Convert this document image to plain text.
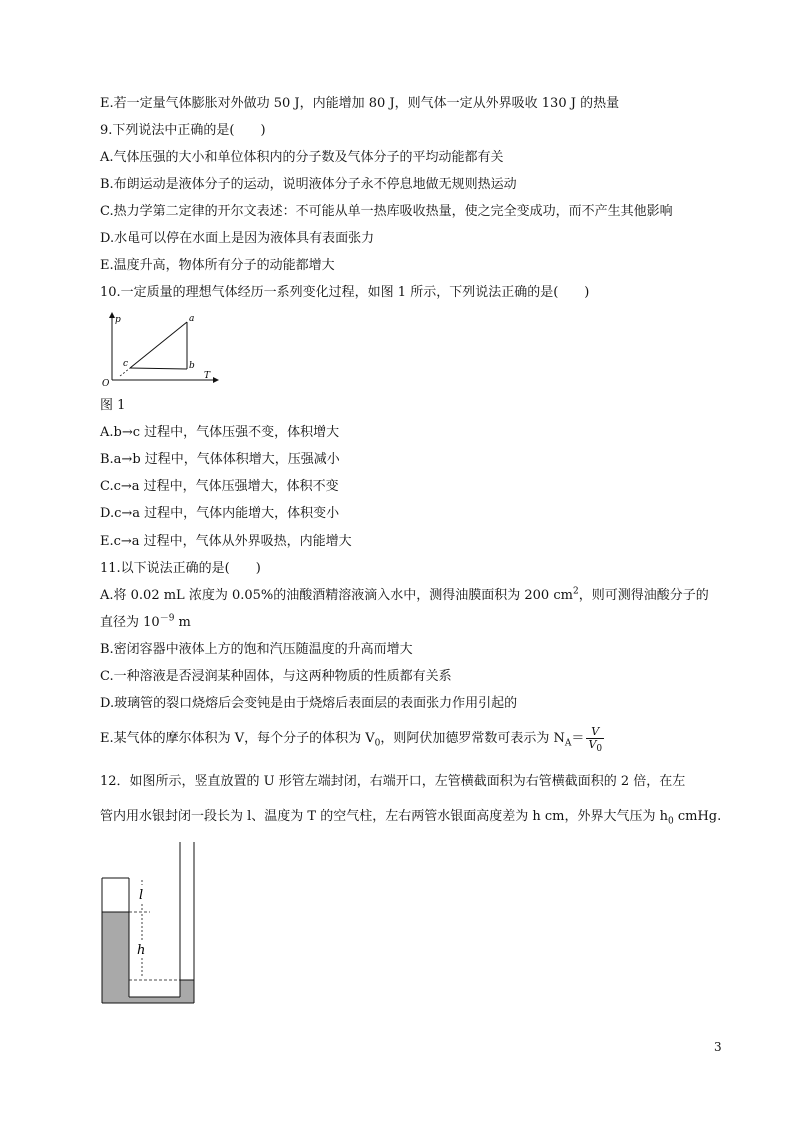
E.若一定量气体膨胀对外做功 50 J，内能增加 80 J，则气体一定从外界吸收 130 J 的热量
9.下列说法中正确的是(　　)
A.气体压强的大小和单位体积内的分子数及气体分子的平均动能都有关
B.布朗运动是液体分子的运动，说明液体分子永不停息地做无规则热运动
C.热力学第二定律的开尔文表述：不可能从单一热库吸收热量，使之完全变成功，而不产生其他影响
D.水黾可以停在水面上是因为液体具有表面张力
E.温度升高，物体所有分子的动能都增大
10.一定质量的理想气体经历一系列变化过程，如图 1 所示，下列说法正确的是(　　)
p
T
O
a
b
c
图 1
A.b→c 过程中，气体压强不变，体积增大
B.a→b 过程中，气体体积增大，压强减小
C.c→a 过程中，气体压强增大，体积不变
D.c→a 过程中，气体内能增大，体积变小
E.c→a 过程中，气体从外界吸热，内能增大
11.以下说法正确的是(　　)
A.将 0.02 mL 浓度为 0.05%的油酸酒精溶液滴入水中，测得油膜面积为 200 $cm^2$，则可测得油酸分子的
直径为 $10^{-9}$ m
B.密闭容器中液体上方的饱和汽压随温度的升高而增大
C.一种溶液是否浸润某种固体，与这两种物质的性质都有关系
D.玻璃管的裂口烧熔后会变钝是由于烧熔后表面层的表面张力作用引起的
E.某气体的摩尔体积为 V，每个分子的体积为 $V_0$，则阿伏加德罗常数可表示为 $N_A= \frac{V}{V_0}$
12．如图所示，竖直放置的 U 形管左端封闭，右端开口，左管横截面积为右管横截面积的 2 倍，在左
管内用水银封闭一段长为 l、温度为 T 的空气柱，左右两管水银面高度差为 h cm，外界大气压为 $h_0$ cmHg.
l
h
3
